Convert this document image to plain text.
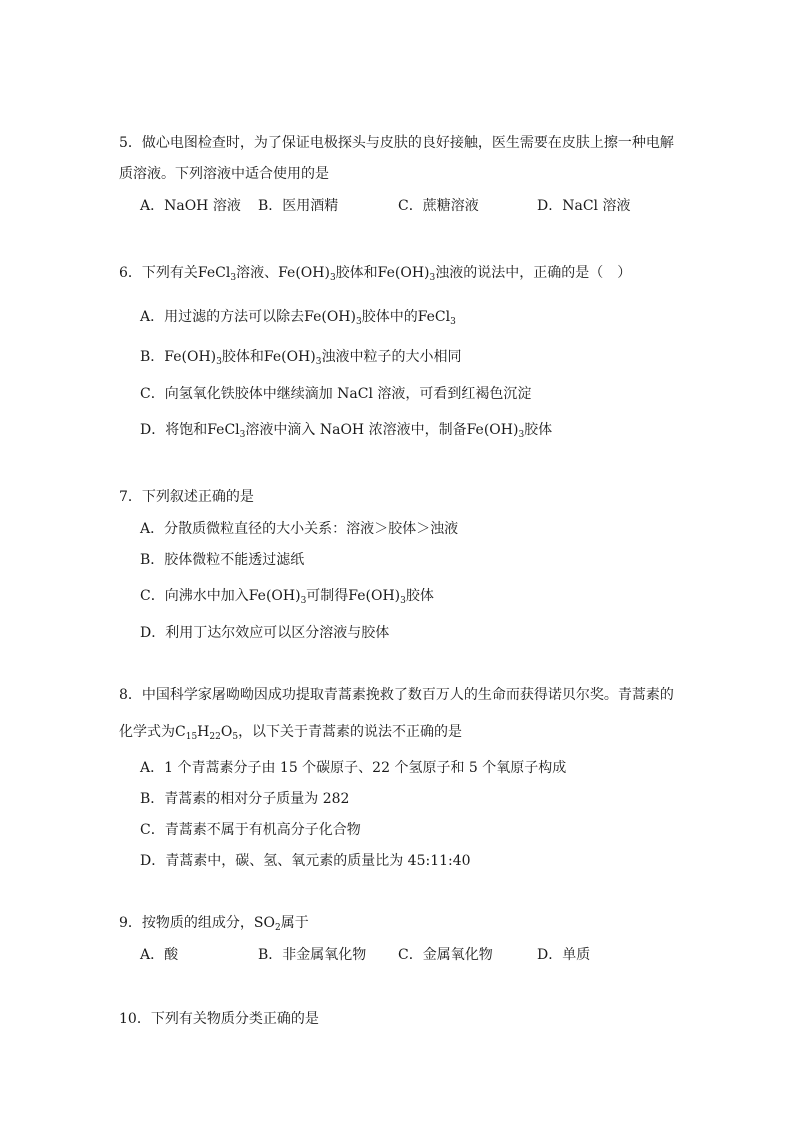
5．做心电图检查时，为了保证电极探头与皮肤的良好接触，医生需要在皮肤上擦一种电解
质溶液。下列溶液中适合使用的是
A．NaOH 溶液 B．医用酒精	C．蔗糖溶液	D．NaCl 溶液
6．下列有关FeCl$_3$溶液、$Fe(OH)_3$胶体和$Fe(OH)_3$浊液的说法中，正确的是（　）
A．用过滤的方法可以除去$Fe(OH)_3$胶体中的FeCl$_3$
B．$Fe(OH)_3$胶体和$Fe(OH)_3$浊液中粒子的大小相同
C．向氢氧化铁胶体中继续滴加 NaCl 溶液，可看到红褐色沉淀
D．将饱和FeCl$_3$溶液中滴入 NaOH 浓溶液中，制备$Fe(OH)_3$胶体
7．下列叙述正确的是
A．分散质微粒直径的大小关系：溶液＞胶体＞浊液
B．胶体微粒不能透过滤纸
C．向沸水中加入$Fe(OH)_3$可制得$Fe(OH)_3$胶体
D．利用丁达尔效应可以区分溶液与胶体
8．中国科学家屠呦呦因成功提取青蒿素挽救了数百万人的生命而获得诺贝尔奖。青蒿素的
化学式为$C_{15}H_{22}O_5$，以下关于青蒿素的说法不正确的是
A．1 个青蒿素分子由 15 个碳原子、22 个氢原子和 5 个氧原子构成
B．青蒿素的相对分子质量为 282
C．青蒿素不属于有机高分子化合物
D．青蒿素中，碳、氢、氧元素的质量比为 45:11:40
9．按物质的组成分，$SO_2$属于
A．酸	B．非金属氧化物 C．金属氧化物	D．单质
10．下列有关物质分类正确的是
